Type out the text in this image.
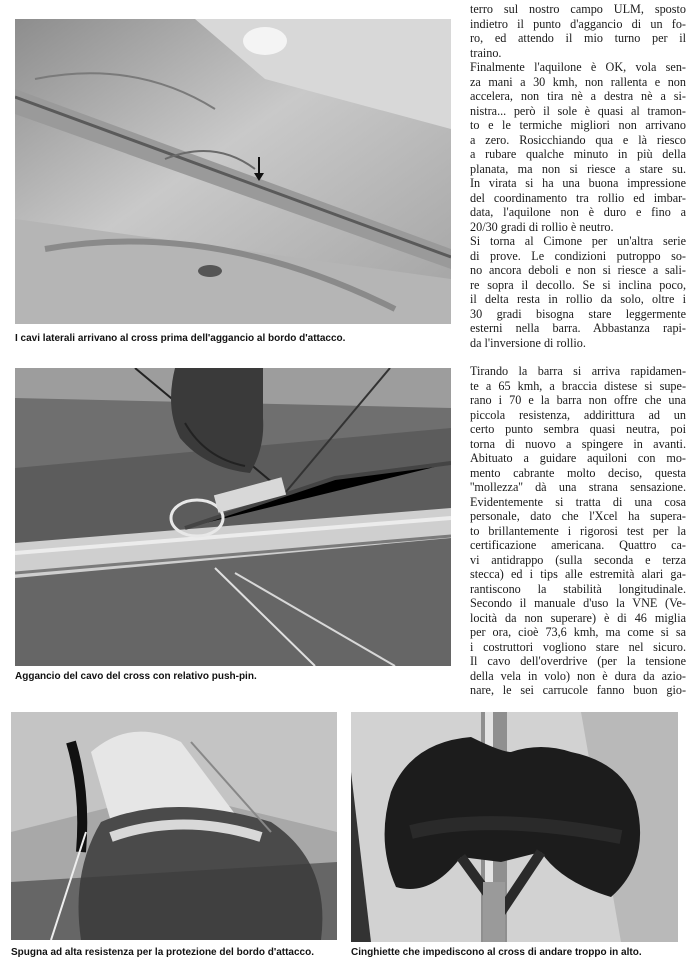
I cavi laterali arrivano al cross prima dell'aggancio al bordo d'attacco.
Aggancio del cavo del cross con relativo push-pin.
Spugna ad alta resistenza per la protezione del bordo d'attacco.	Cinghiette che impediscono al cross di andare troppo in alto.

terro sul nostro campo ULM, sposto
indietro il punto d'aggancio di un fo-
ro, ed attendo il mio turno per il
traino.

Finalmente l'aquilone è OK, vola sen-
za mani a 30 kmh, non rallenta e non
accelera, non tira nè a destra nè a si-
nistra... però il sole è quasi al tramon-
to e le termiche migliori non arrivano
a zero. Rosicchiando qua e là riesco
a rubare qualche minuto in più della
planata, ma non si riesce a stare su.
In virata si ha una buona impressione
del coordinamento tra rollio ed imbar-
data, l'aquilone non è duro e fino a
20/30 gradi di rollio è neutro.

Si torna al Cimone per un'altra serie
di prove. Le condizioni putroppo so-
no ancora deboli e non si riesce a sali-
re sopra il decollo. Se si inclina poco,
il delta resta in rollio da solo, oltre i
30 gradi bisogna stare leggermente
esterni nella barra. Abbastanza rapi-
da l'inversione di rollio.

Tirando la barra si arriva rapidamen-
te a 65 kmh, a braccia distese si supe-
rano i 70 e la barra non offre che una
piccola resistenza, addirittura ad un
certo punto sembra quasi neutra, poi
torna di nuovo a spingere in avanti.
Abituato a guidare aquiloni con mo-
mento cabrante molto deciso, questa
''mollezza'' dà una strana sensazione.
Evidentemente si tratta di una cosa
personale, dato che l'Xcel ha supera-
to brillantemente i rigorosi test per la
certificazione americana. Quattro ca-
vi antidrappo (sulla seconda e terza
stecca) ed i tips alle estremità alari ga-
rantiscono la stabilità longitudinale.
Secondo il manuale d'uso la VNE (Ve-
locità da non superare) è di 46 miglia
per ora, cioè 73,6 kmh, ma come si sa
i costruttori vogliono stare nel sicuro.
Il cavo dell'overdrive (per la tensione
della vela in volo) non è dura da azio-
nare, le sei carrucole fanno buon gio-
